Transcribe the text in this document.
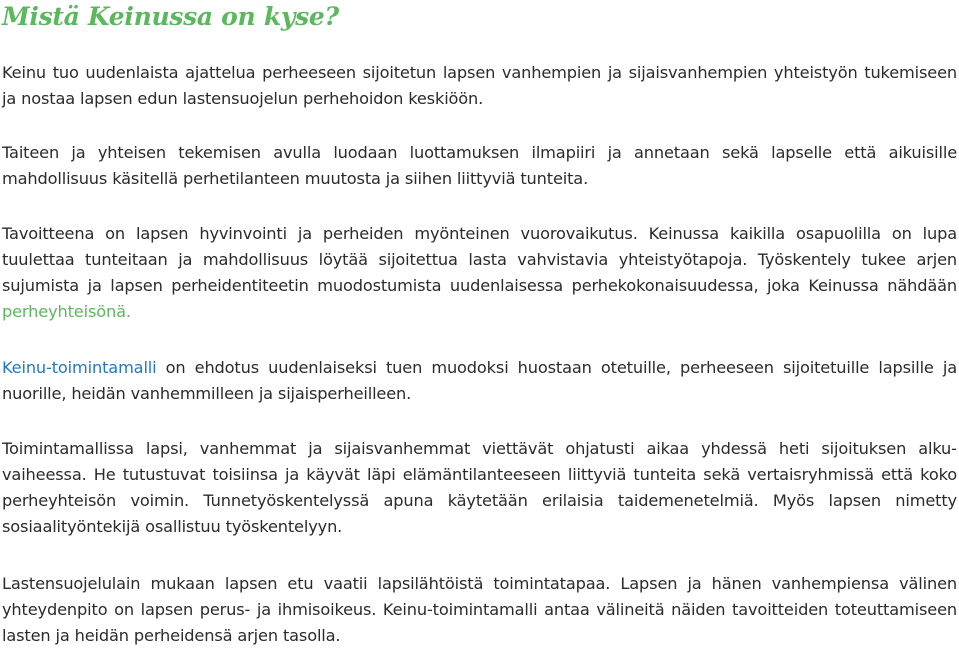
Mistä Keinussa on kyse?

Keinu tuo uudenlaista ajattelua perheeseen sijoitetun lapsen vanhempien ja sijaisvanhempien yhteistyön tukemiseen ja nostaa lapsen edun lastensuojelun perhehoidon keskiöön.

Taiteen ja yhteisen tekemisen avulla luodaan luottamuksen ilmapiiri ja annetaan sekä lapselle että aikuisille mahdollisuus käsitellä perhetilanteen muutosta ja siihen liittyviä tunteita.

Tavoitteena on lapsen hyvinvointi ja perheiden myönteinen vuorovaikutus. Keinussa kaikilla osapuolilla on lupa tuulettaa tunteitaan ja mahdollisuus löytää sijoitettua lasta vahvistavia yhteistyötapoja. Työskentely tukee arjen sujumista ja lapsen perheidentiteetin muodostumista uudenlaisessa perhekokonaisuudessa, joka Keinussa nähdään perheyhteisönä.

Keinu-toimintamalli on ehdotus uudenlaiseksi tuen muodoksi huostaan otetuille, perheeseen sijoitetuille lapsille ja nuorille, heidän vanhemmilleen ja sijaisperheilleen.

Toimintamallissa lapsi, vanhemmat ja sijaisvanhemmat viettävät ohjatusti aikaa yhdessä heti sijoituksen alkuvaiheessa. He tutustuvat toisiinsa ja käyvät läpi elämäntilanteeseen liittyviä tunteita sekä vertaisryhmissä että koko perheyhteisön voimin. Tunnetyöskentelyssä apuna käytetään erilaisia taidemenetelmiä. Myös lapsen nimetty sosiaalityöntekijä osallistuu työskentelyyn.

Lastensuojelulain mukaan lapsen etu vaatii lapsilähtöistä toimintatapaa. Lapsen ja hänen vanhempiensa välinen yhteydenpito on lapsen perus- ja ihmisoikeus. Keinu-toimintamalli antaa välineitä näiden tavoitteiden toteuttamiseen lasten ja heidän perheidensä arjen tasolla.
